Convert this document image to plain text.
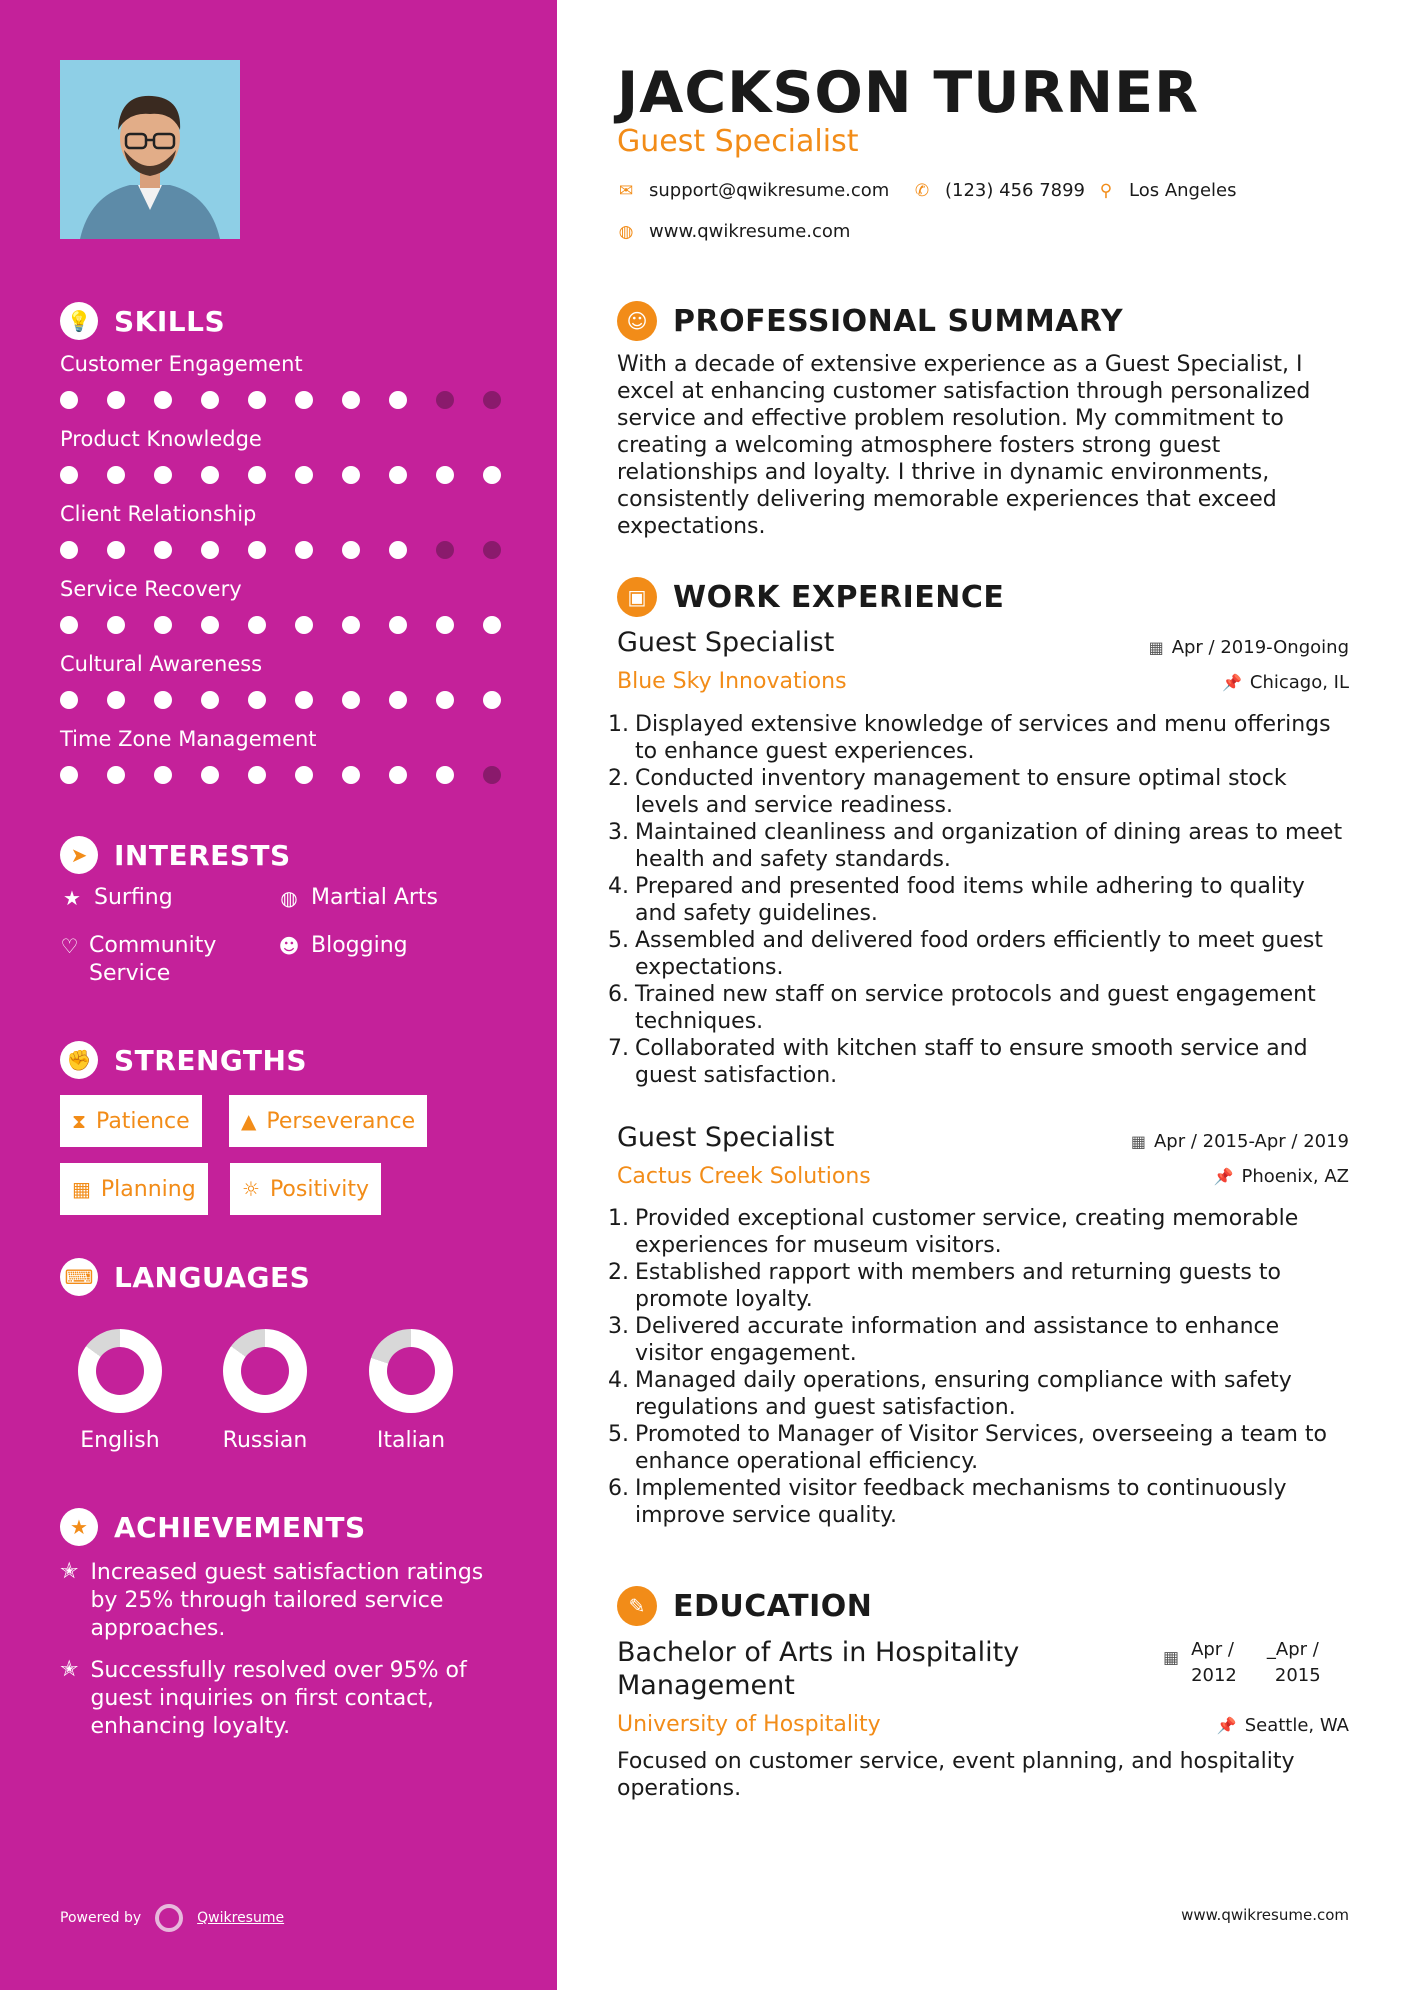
💡 SKILLS
Customer Engagement
Product Knowledge
Client Relationship
Service Recovery
Cultural Awareness
Time Zone Management
➤ INTERESTS
★ Surfing	◍ Martial Arts
♡ Community Service
☻ Blogging
✊ STRENGTHS
⧗ Patience	▲ Perseverance
▦ Planning ☼ Positivity
⌨ LANGUAGES
English	Russian	Italian
★ ACHIEVEMENTS
✭ Increased guest satisfaction ratings by 25% through tailored service approaches.
✭ Successfully resolved over 95% of guest inquiries on first contact, enhancing loyalty.
Powered by	Qwikresume
JACKSON TURNER
Guest Specialist
✉ support@qwikresume.com ✆ (123) 456 7899 ⚲ Los Angeles
◍ www.qwikresume.com
☺ PROFESSIONAL SUMMARY
With a decade of extensive experience as a Guest Specialist, I excel at enhancing customer satisfaction through personalized service and effective problem resolution. My commitment to creating a welcoming atmosphere fosters strong guest relationships and loyalty. I thrive in dynamic environments, consistently delivering memorable experiences that exceed expectations.
▣ WORK EXPERIENCE
Guest Specialist	▦ Apr / 2019-Ongoing
Blue Sky Innovations	📌 Chicago, IL
1. Displayed extensive knowledge of services and menu offerings to enhance guest experiences.
2. Conducted inventory management to ensure optimal stock levels and service readiness.
3. Maintained cleanliness and organization of dining areas to meet health and safety standards.
4. Prepared and presented food items while adhering to quality and safety guidelines.
5. Assembled and delivered food orders efficiently to meet guest expectations.
6. Trained new staff on service protocols and guest engagement techniques.
7. Collaborated with kitchen staff to ensure smooth service and guest satisfaction.
Guest Specialist	▦ Apr / 2015-Apr / 2019
Cactus Creek Solutions	📌 Phoenix, AZ
1. Provided exceptional customer service, creating memorable experiences for museum visitors.
2. Established rapport with members and returning guests to promote loyalty.
3. Delivered accurate information and assistance to enhance visitor engagement.
4. Managed daily operations, ensuring compliance with safety regulations and guest satisfaction.
5. Promoted to Manager of Visitor Services, overseeing a team to enhance operational efficiency.
6. Implemented visitor feedback mechanisms to continuously improve service quality.
✎ EDUCATION
Bachelor of Arts in Hospitality Management
▦ Apr /
2012
_Apr /
2015
University of Hospitality	📌 Seattle, WA
Focused on customer service, event planning, and hospitality operations.
www.qwikresume.com
